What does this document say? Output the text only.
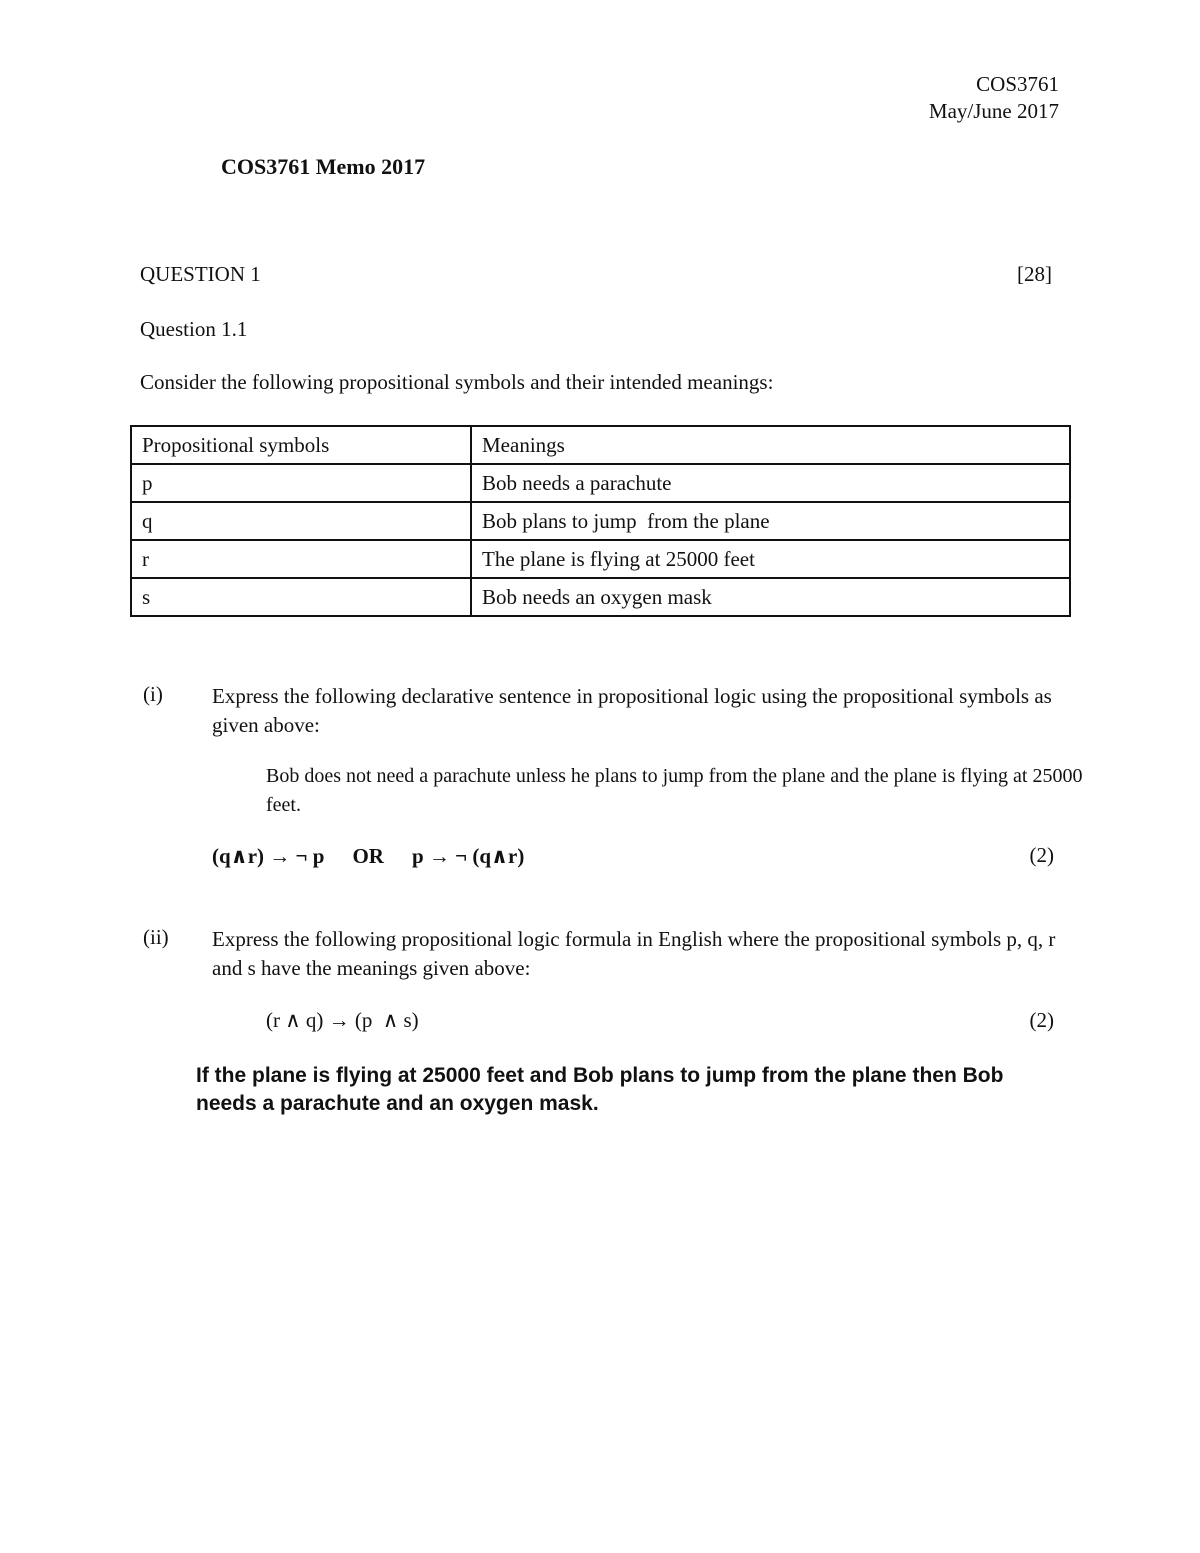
COS3761
May/June 2017
COS3761 Memo 2017
QUESTION 1	[28]
Question 1.1
Consider the following propositional symbols and their intended meanings:
Propositional symbols	Meanings
p	Bob needs a parachute
q	Bob plans to jump  from the plane
r	The plane is flying at 25000 feet
s	Bob needs an oxygen mask
(i) Express the following declarative sentence in propositional logic using the propositional symbols as given above:
Bob does not need a parachute unless he plans to jump from the plane and the plane is flying at 25000 feet.
(q∧r) → ¬ p OR p → ¬ (q∧r)	(2)
(ii) Express the following propositional logic formula in English where the propositional symbols p, q, r and s have the meanings given above:
(r ∧ q) → (p  ∧ s)	(2)
If the plane is flying at 25000 feet and Bob plans to jump from the plane then Bob needs a parachute and an oxygen mask.
